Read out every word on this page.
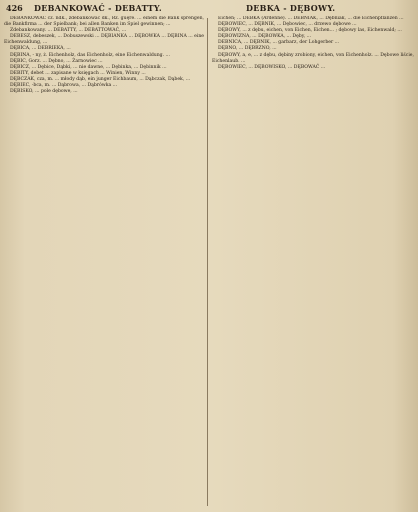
426 DEBANKOWAĆ - DEBATTY.	DEBKA - DĘBOWY.

DEBANKOWAĆ cz. ndk., zdebankować dk., Rz. guęre. ... einem die Bank sprengen, die Bankfirma ... der Spielbank; bei allen Banken im Spiel gewinnen; ...

Zdebankowany. ... DEBATTY, ... DEBATTOWAĆ, ...

DEBESZ, debeszek, ... Dobuszewski ... DĘBIANKA ... DĘBOWKA ... DĘBINA ... eine Eichenwaldung, ...

DĘBICA, ... DEBRIEKA, ...

DĘBINA, - ny, ż. Eichenholz, das Eichenholz, eine Eichenwaldung. ...

DĘBIC, Gorz. ... Dębno, ... Żarnowiec ...

DĘBICZ, ... Dębice, Dąbki, ... nie dawne, ... Dębinka, ... Dębinnik ...

DEBITY, debet ... zapisane w księgach ... Winien, Winny ...

DĘBCZAK, cza, m. ... młody dąb, ein junger Eichbaum, ... Dąbczak, Dąbek, ...

DĘBIEC, -bca, m. ... Dąbrowa, ... Dąbrówka ...

DĘBISKO, ... pole dębowe, ...

Eichen; ... DEBKA (Ardenne). ... DEBNIAK, ... Dębniak, ... die Eichenpflanzen ...

DĘBOWIEC, ... DĘBNIK, ... Dębowiec, ... drzewo dębowe ...

DĘBOWY, ... z dębu, eichen, von Eichen, Eichen... ; dębowy las, Eichenwald; ...

DĘBOWIZNA, ... DĘBOWKA, ... Dęby, ...

DEBNICA, ... DĘBNIK, ... garbarz, der Lohgerber ...

DĘBNO, ... DĘBRZNO, ...

DĘBOWY, a, e, ... z dębu, dębiny zrobiony, eichen, von Eichenholz. ... Dębowe liście, Eichenlaub. ...

DĘBOWIEC, ... DĘBOWISKO, ... DĘBOWAĆ ...
